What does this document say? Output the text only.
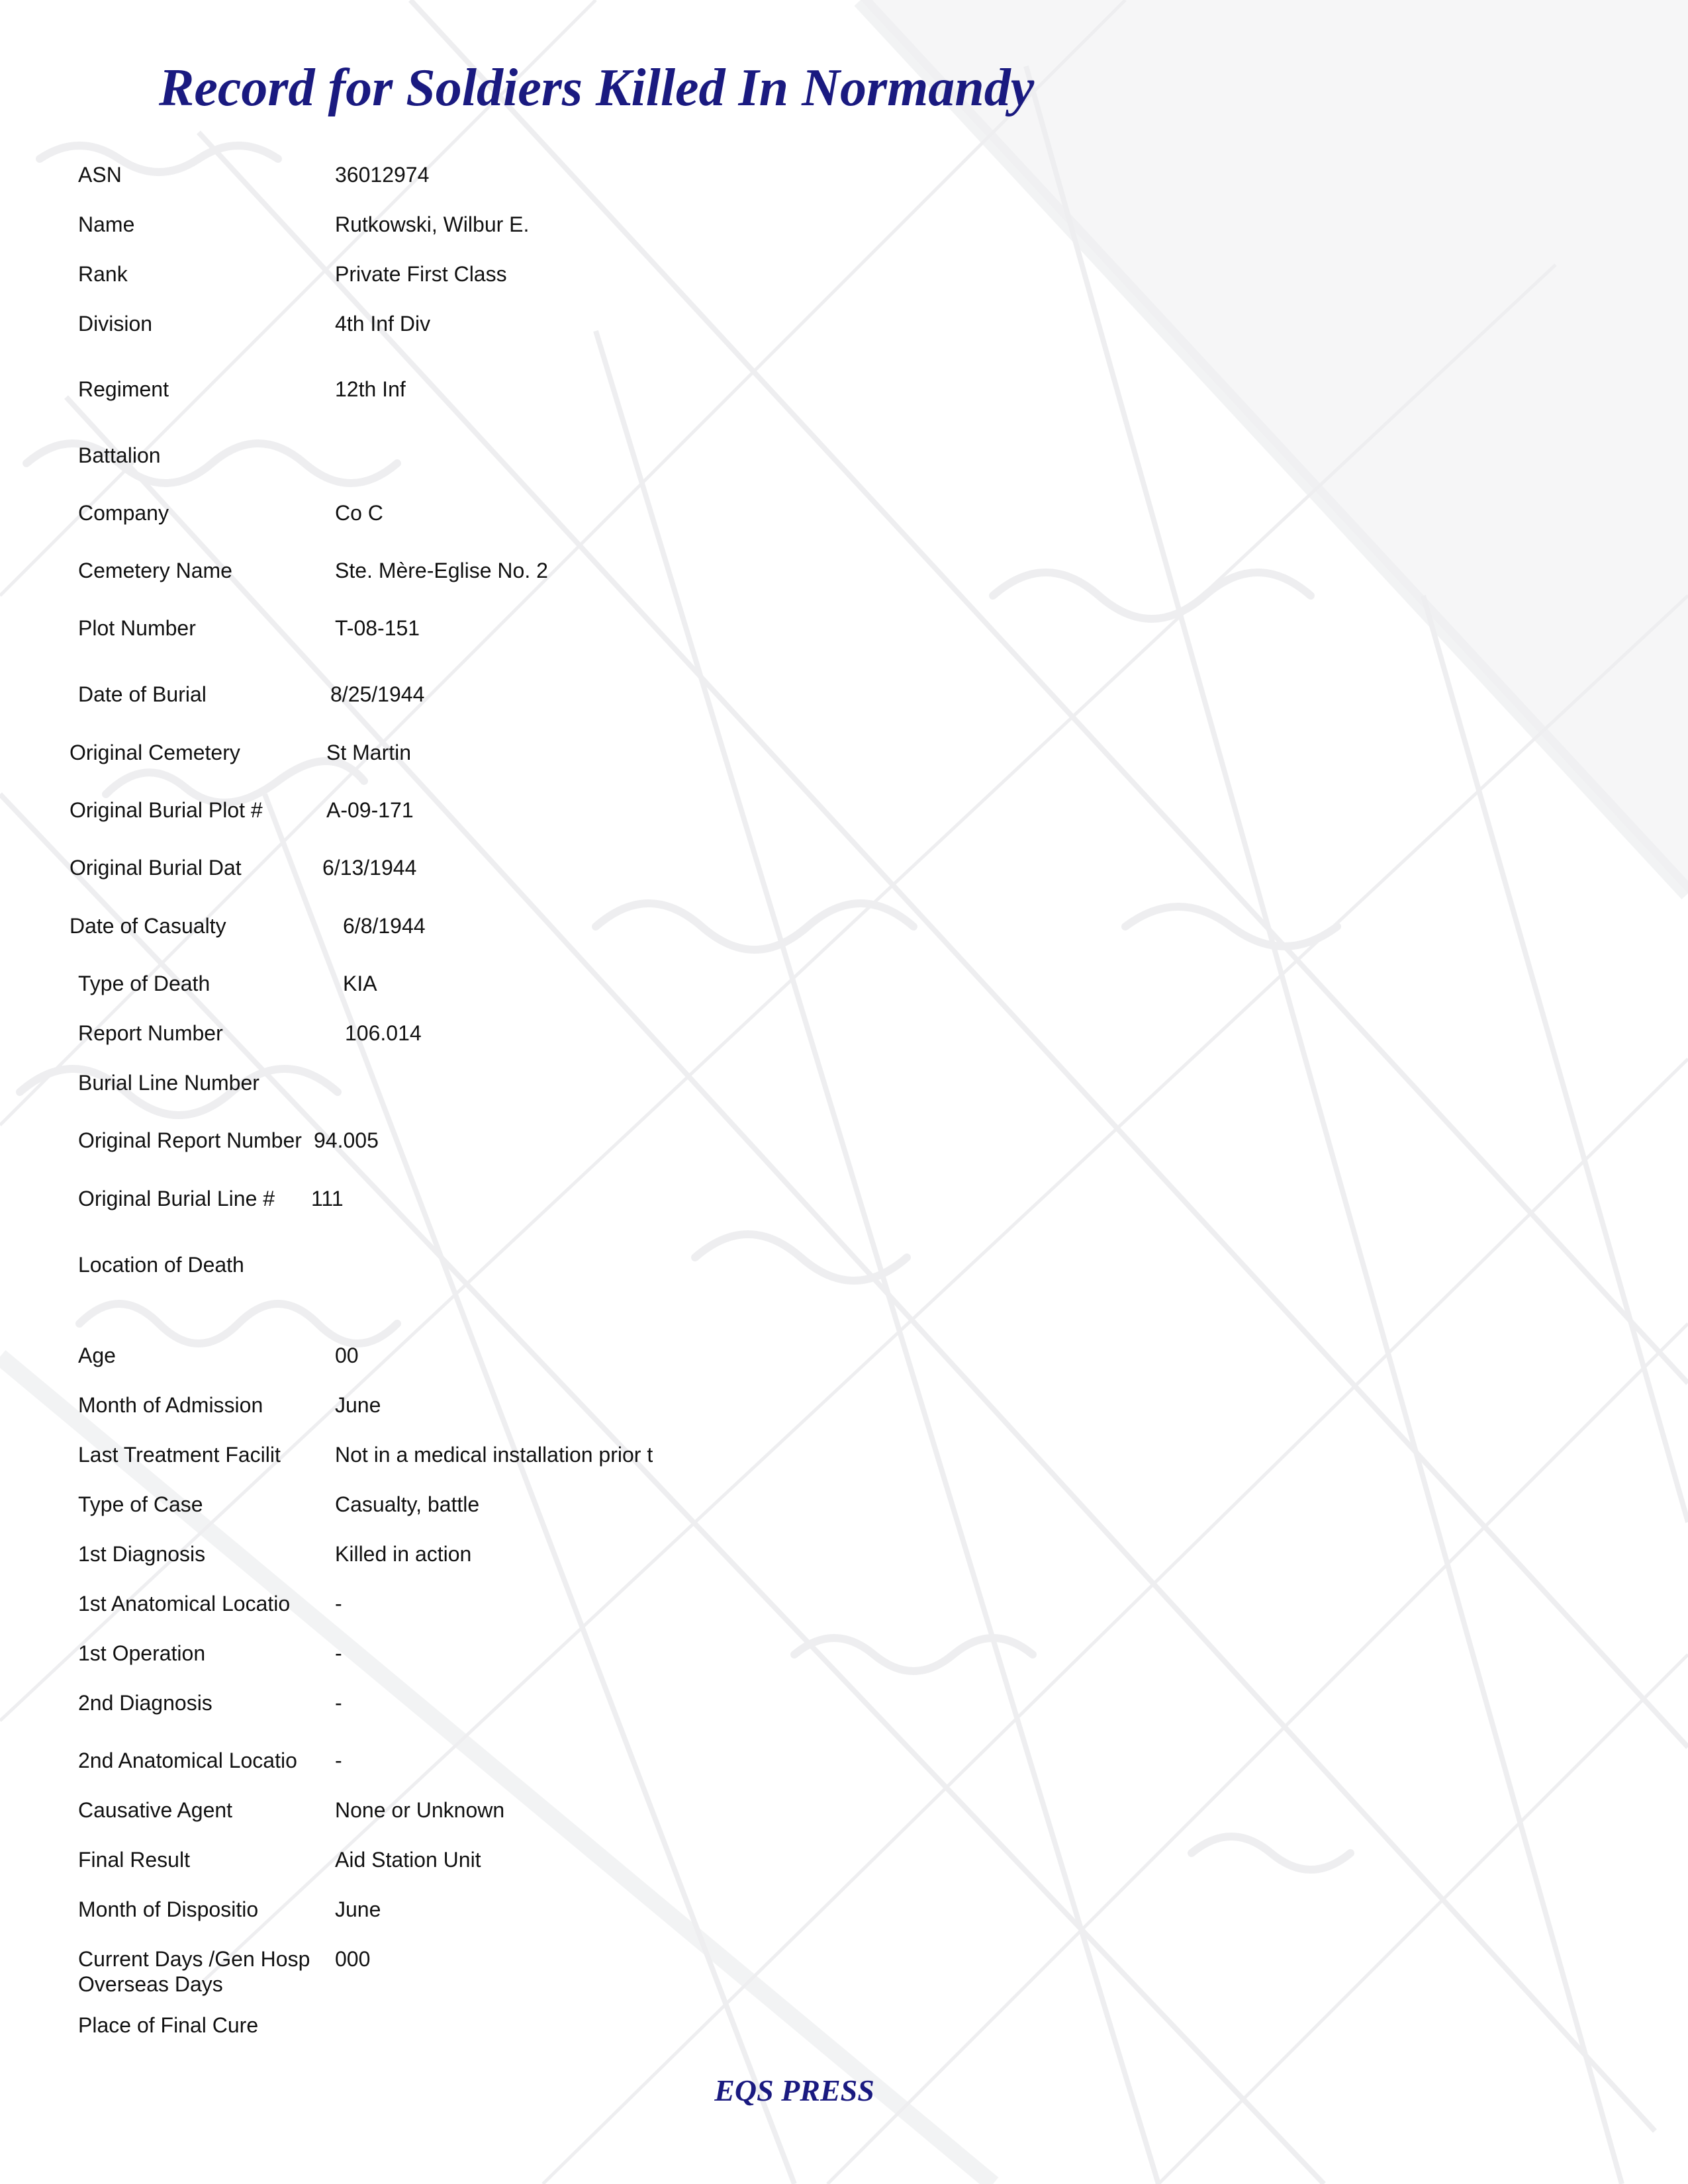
Record for Soldiers Killed In Normandy
ASN	36012974
Name	Rutkowski, Wilbur E.
Rank	Private First Class
Division	4th Inf Div
Regiment	12th Inf
Battalion
Company	Co C
Cemetery Name	Ste. Mère-Eglise No. 2
Plot Number	T-08-151
Date of Burial	8/25/1944
Original Cemetery	St Martin
Original Burial Plot #	A-09-171
Original Burial Dat	6/13/1944
Date of Casualty	6/8/1944
Type of Death	KIA
Report Number	106.014
Burial Line Number
Original Report Number 94.005
Original Burial Line # 111
Location of Death
Age	00
Month of Admission	June
Last Treatment Facilit	Not in a medical installation prior t
Type of Case	Casualty, battle
1st Diagnosis	Killed in action
1st Anatomical Locatio -
1st Operation	-
2nd Diagnosis	-
2nd Anatomical Locatio -
Causative Agent	None or Unknown
Final Result	Aid Station Unit
Month of Dispositio	June
Current Days /Gen Hosp 000
Overseas Days
Place of Final Cure
EQS PRESS
